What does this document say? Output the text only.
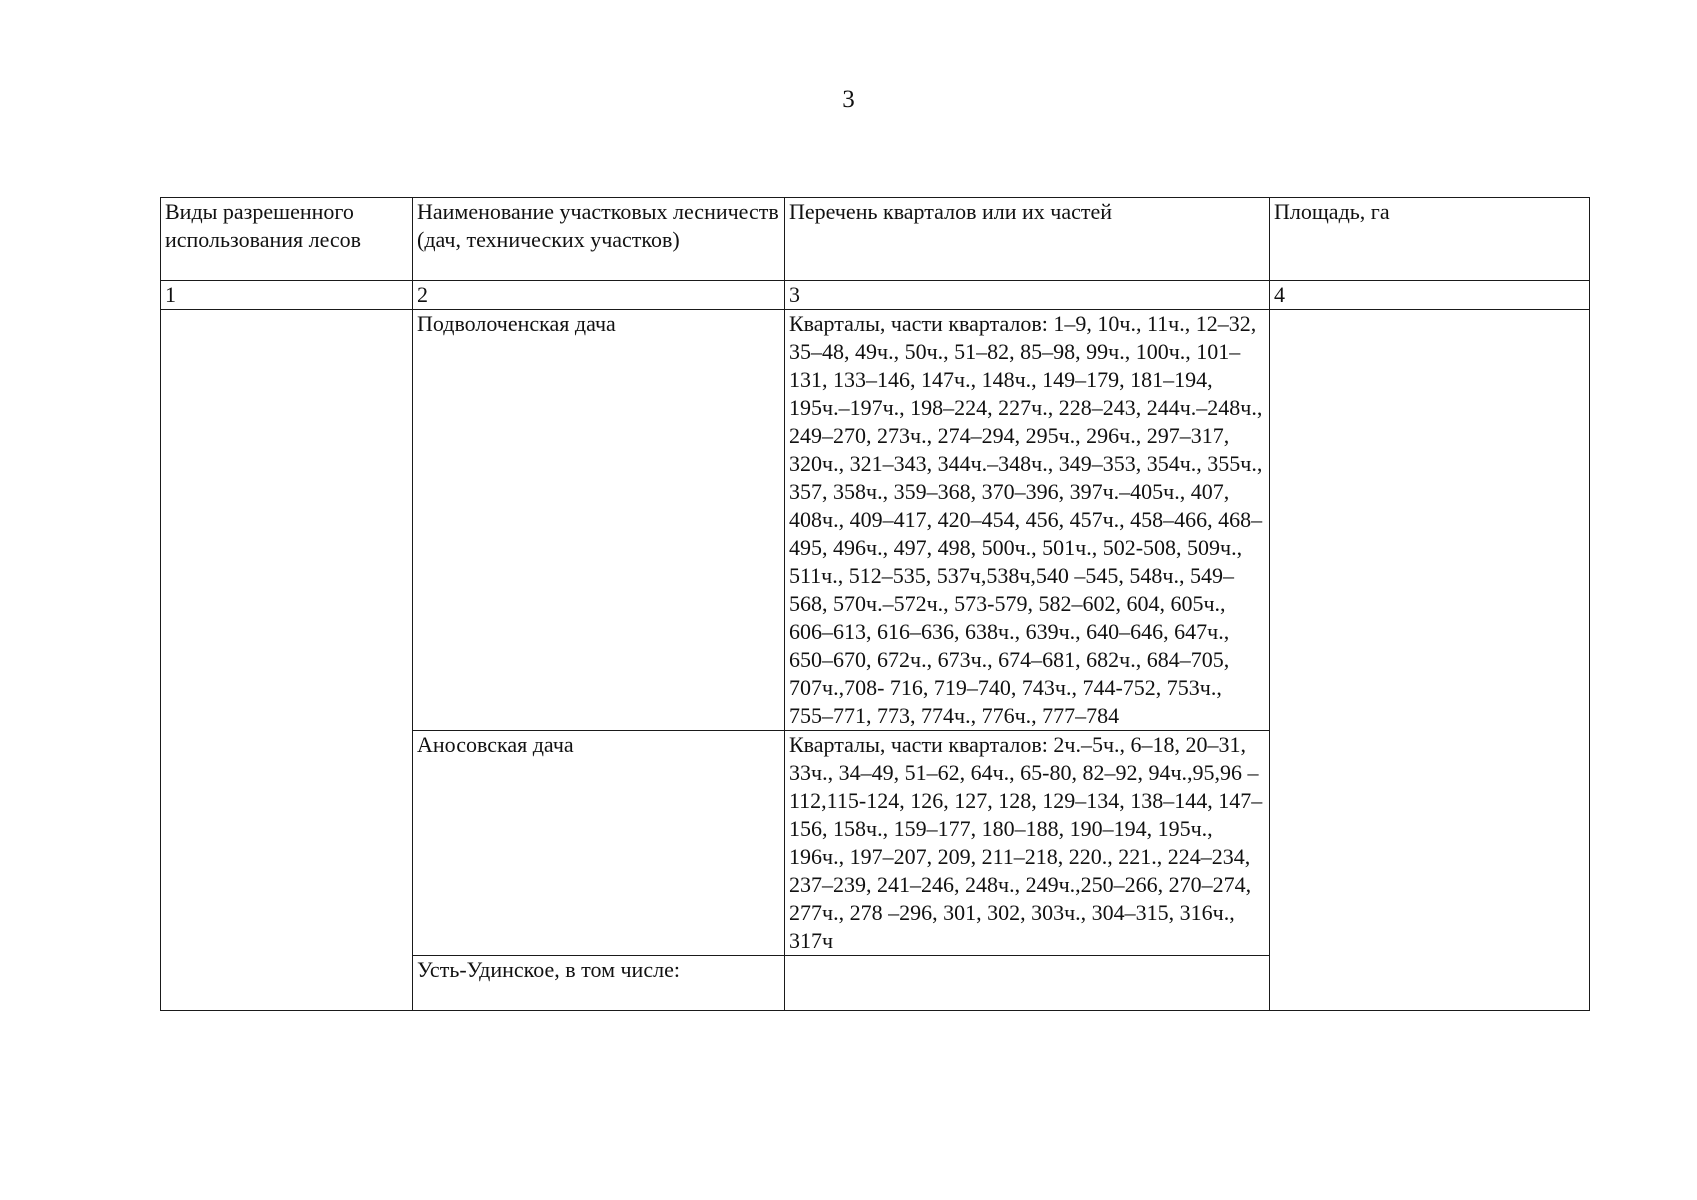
3
Виды разрешенного использования лесов	Наименование участковых лесничеств (дач, технических участков)	Перечень кварталов или их частей	Площадь, га
1	2	3	4
	Подволоченская дача	Кварталы, части кварталов: 1–9, 10ч., 11ч., 12–32, 35–48, 49ч., 50ч., 51–82, 85–98, 99ч., 100ч., 101–131, 133–146, 147ч., 148ч., 149–179, 181–194, 195ч.–197ч., 198–224, 227ч., 228–243, 244ч.–248ч., 249–270, 273ч., 274–294, 295ч., 296ч., 297–317, 320ч., 321–343, 344ч.–348ч., 349–353, 354ч., 355ч., 357, 358ч., 359–368, 370–396, 397ч.–405ч., 407, 408ч., 409–417, 420–454, 456, 457ч., 458–466, 468–495, 496ч., 497, 498, 500ч., 501ч., 502-508, 509ч., 511ч., 512–535, 537ч,538ч,540 –545, 548ч., 549–568, 570ч.–572ч., 573-579, 582–602, 604, 605ч., 606–613, 616–636, 638ч., 639ч., 640–646, 647ч., 650–670, 672ч., 673ч., 674–681, 682ч., 684–705, 707ч.,708- 716, 719–740, 743ч., 744-752, 753ч., 755–771, 773, 774ч., 776ч., 777–784	
	Аносовская дача	Кварталы, части кварталов: 2ч.–5ч., 6–18, 20–31, 33ч., 34–49, 51–62, 64ч., 65-80, 82–92, 94ч.,95,96 –112,115-124, 126, 127, 128, 129–134, 138–144, 147–156, 158ч., 159–177, 180–188, 190–194, 195ч., 196ч., 197–207, 209, 211–218, 220., 221., 224–234, 237–239, 241–246, 248ч., 249ч.,250–266, 270–274, 277ч., 278 –296, 301, 302, 303ч., 304–315, 316ч., 317ч	
	Усть-Удинское, в том числе:		
